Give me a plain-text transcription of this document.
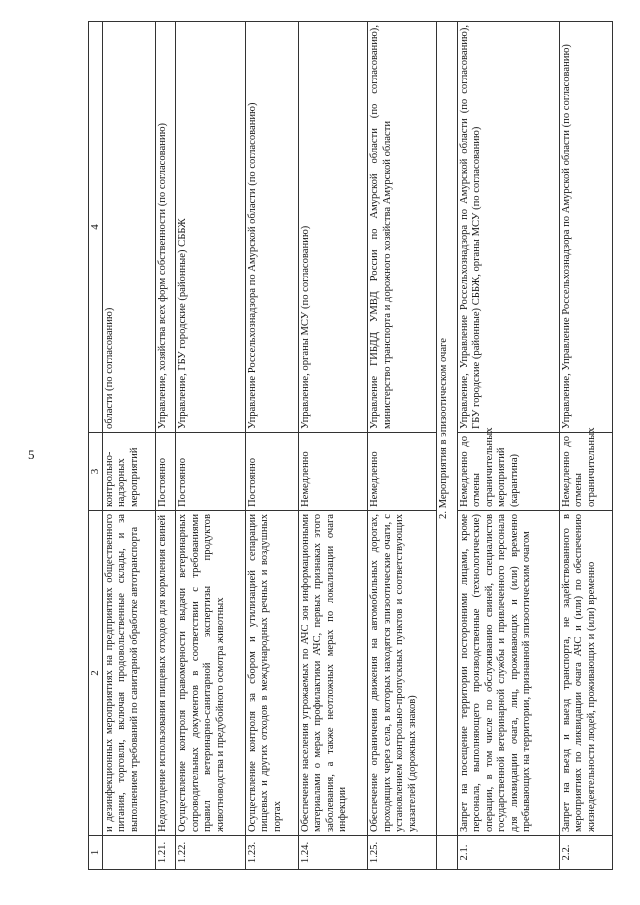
5
1	2	3	4
	и дезинфекционных мероприятиях на предприятиях общественного питания, торговли, включая продовольственные склады, и за выполнением требований по санитарной обработке автотранспорта	контрольно-надзорных мероприятий	области (по согласованию)
1.21.	Недопущение использования пищевых отходов для кормления свиней	Постоянно	Управление, хозяйства всех форм собственности (по согласованию)
1.22.	Осуществление контроля правомерности выдачи ветеринарных сопроводительных документов в соответствии с требованиями правил ветеринарно-санитарной экспертизы продуктов животноводства и предубойного осмотра животных	Постоянно	Управление, ГБУ городские (районные) СББЖ
1.23.	Осуществление контроля за сбором и утилизацией сепарации пищевых и других отходов в международных речных и воздушных портах	Постоянно	Управление Россельхознадзора по Амурской области (по согласованию)
1.24.	Обеспечение населения угрожаемых по АЧС зон информационными материалами о мерах профилактики АЧС, первых признаках этого заболевания, а также неотложных мерах по локализации очага инфекции	Немедленно	Управление, органы МСУ (по согласованию)
1.25.	Обеспечение ограничения движения на автомобильных дорогах, проходящих через села, в которых находятся эпизоотические очаги, с установлением контрольно-пропускных пунктов и соответствующих указателей (дорожных знаков)	Немедленно	Управление ГИБДД УМВД России по Амурской области (по согласованию), министерство транспорта и дорожного хозяйства Амурской области
	2. Мероприятия в эпизоотическом очаге		
2.1.	Запрет на посещение территории посторонними лицами, кроме персонала, выполняющего производственные (технологические) операции, в том числе по обслуживанию свиней, специалистов государственной ветеринарной службы и привлеченного персонала для ликвидации очага, лиц, проживающих и (или) временно пребывающих на территории, признанной эпизоотическим очагом	Немедленно до отмены ограничительных мероприятий (карантина)	Управление, Управление Россельхознадзора по Амурской области (по согласованию), ГБУ городские (районные) СББЖ, органы МСУ (по согласованию)
2.2.	Запрет на въезд и выезд транспорта, не задействованного в мероприятиях по ликвидации очага АЧС и (или) по обеспечению жизнедеятельности людей, проживающих и (или) временно	Немедленно до отмены ограничительных	Управление, Управление Россельхознадзора по Амурской области (по согласованию)
